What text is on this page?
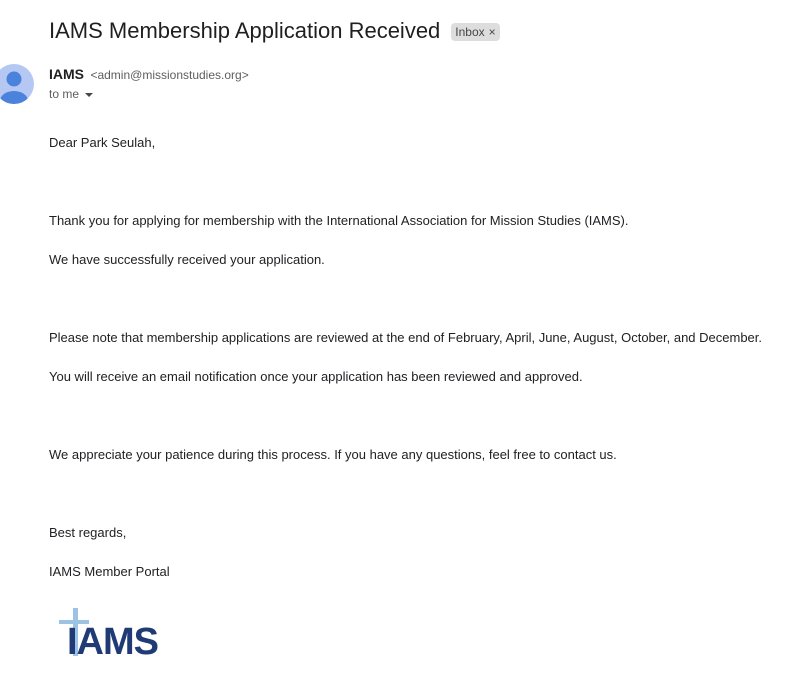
IAMS Membership Application Received Inbox ×
IAMS <admin@missionstudies.org>
to me
Dear Park Seulah,
Thank you for applying for membership with the International Association for Mission Studies (IAMS).
We have successfully received your application.
Please note that membership applications are reviewed at the end of February, April, June, August, October, and December.
You will receive an email notification once your application has been reviewed and approved.
We appreciate your patience during this process. If you have any questions, feel free to contact us.
Best regards,
IAMS Member Portal
IAMS
